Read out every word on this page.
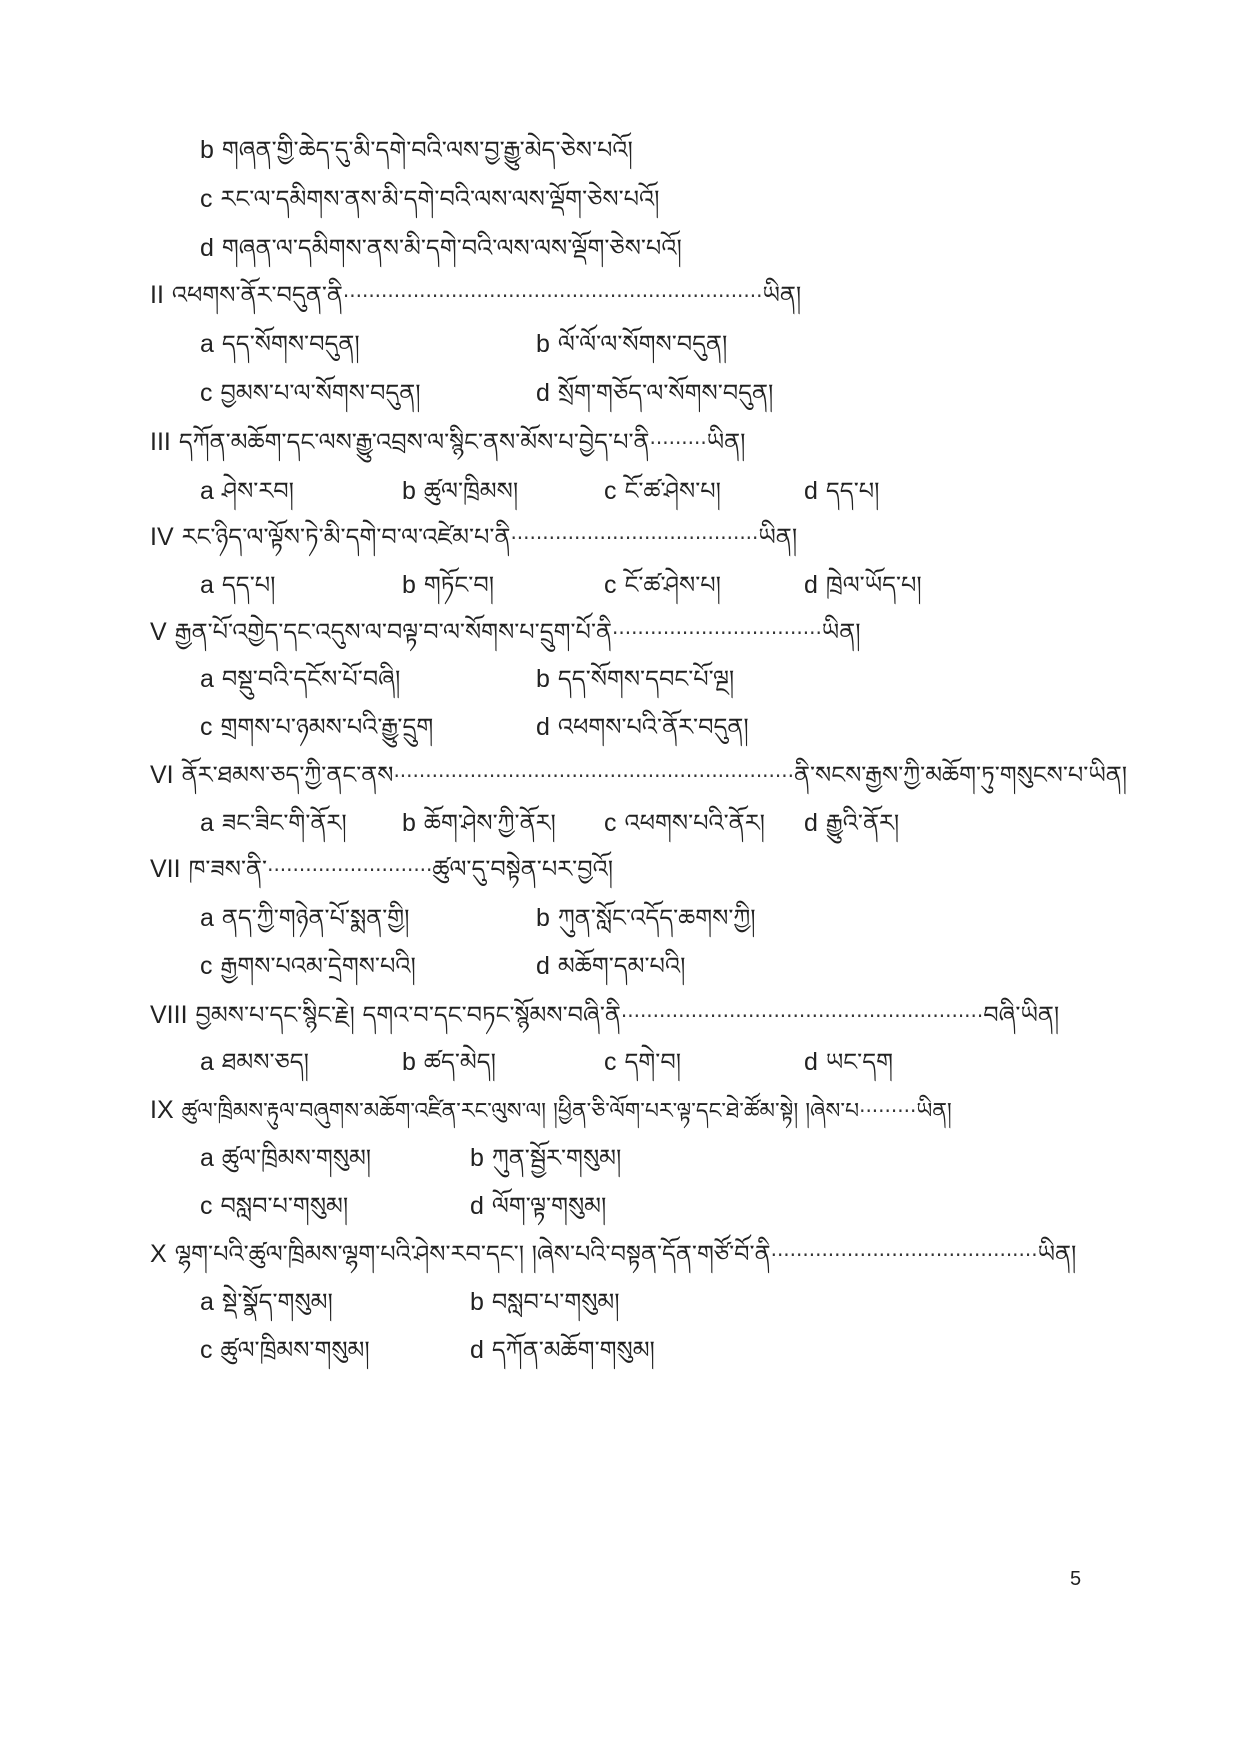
b གཞན་གྱི་ཆེད་དུ་མི་དགེ་བའི་ལས་བྱ་རྒྱུ་མེད་ཅེས་པའོ།
c རང་ལ་དམིགས་ནས་མི་དགེ་བའི་ལས་ལས་ལྡོག་ཅེས་པའོ།
d གཞན་ལ་དམིགས་ནས་མི་དགེ་བའི་ལས་ལས་ལྡོག་ཅེས་པའོ།
II འཕགས་ནོར་བདུན་ནི··································································ཡིན།
a དད་སོགས་བདུན།	b ལོ་ལོ་ལ་སོགས་བདུན།
c བྱམས་པ་ལ་སོགས་བདུན།	d སྲོག་གཅོད་ལ་སོགས་བདུན།
III དཀོན་མཆོག་དང་ལས་རྒྱུ་འབྲས་ལ་སྙིང་ནས་མོས་པ་བྱེད་པ་ནི·········ཡིན།
a ཤེས་རབ།	b ཚུལ་ཁྲིམས།	c ངོ་ཚ་ཤེས་པ།	d དད་པ།
IV རང་ཉིད་ལ་ལྟོས་ཏེ་མི་དགེ་བ་ལ་འཛེམ་པ་ནི·······································ཡིན།
a དད་པ།	b གཏོང་བ།	c ངོ་ཚ་ཤེས་པ།	d ཁྲེལ་ཡོད་པ།
V རྒྱན་པོ་འགྱེད་དང་འདུས་ལ་བལྟ་བ་ལ་སོགས་པ་དྲུག་པོ་ནི·································ཡིན།
a བསྡུ་བའི་དངོས་པོ་བཞི།	b དད་སོགས་དབང་པོ་ལྔ།
c གྲགས་པ་ཉམས་པའི་རྒྱུ་དྲུག	d འཕགས་པའི་ནོར་བདུན།
VI ནོར་ཐམས་ཅད་ཀྱི་ནང་ནས·······························································ནི་སངས་རྒྱས་ཀྱི་མཆོག་ཏུ་གསུངས་པ་ཡིན།
a ཟང་ཟིང་གི་ནོར། b ཆོག་ཤེས་ཀྱི་ནོར། c འཕགས་པའི་ནོར། d རྒྱུའི་ནོར།
VII ཁ་ཟས་ནི་··························ཚུལ་དུ་བསྟེན་པར་བྱའོ།
a ནད་ཀྱི་གཉེན་པོ་སྨན་གྱི།	b ཀུན་སློང་འདོད་ཆགས་ཀྱི།
c རྒྱགས་པའམ་དྲེགས་པའི།	d མཆོག་དམ་པའི།
VIII བྱམས་པ་དང་སྙིང་རྗེ། དགའ་བ་དང་བཏང་སྙོམས་བཞི་ནི·························································བཞི་ཡིན།
a ཐམས་ཅད།	b ཚད་མེད།	c དགེ་བ།	d ཡང་དག
IX ཚུལ་ཁྲིམས་རྟུལ་བཞུགས་མཆོག་འཛིན་རང་ལུས་ལ། །ཕྱིན་ཅི་ལོག་པར་ལྟ་དང་ཐེ་ཚོམ་སྟེ། །ཞེས་པ·········ཡིན།
a ཚུལ་ཁྲིམས་གསུམ།	b ཀུན་སྦྱོར་གསུམ།
c བསླབ་པ་གསུམ།	d ལོག་ལྟ་གསུམ།
X ལྷག་པའི་ཚུལ་ཁྲིམས་ལྷག་པའི་ཤེས་རབ་དང་། །ཞེས་པའི་བསྟན་དོན་གཙོ་བོ་ནི··········································ཡིན།
a སྡེ་སྣོད་གསུམ།	b བསླབ་པ་གསུམ།
c ཚུལ་ཁྲིམས་གསུམ།	d དཀོན་མཆོག་གསུམ།
5
